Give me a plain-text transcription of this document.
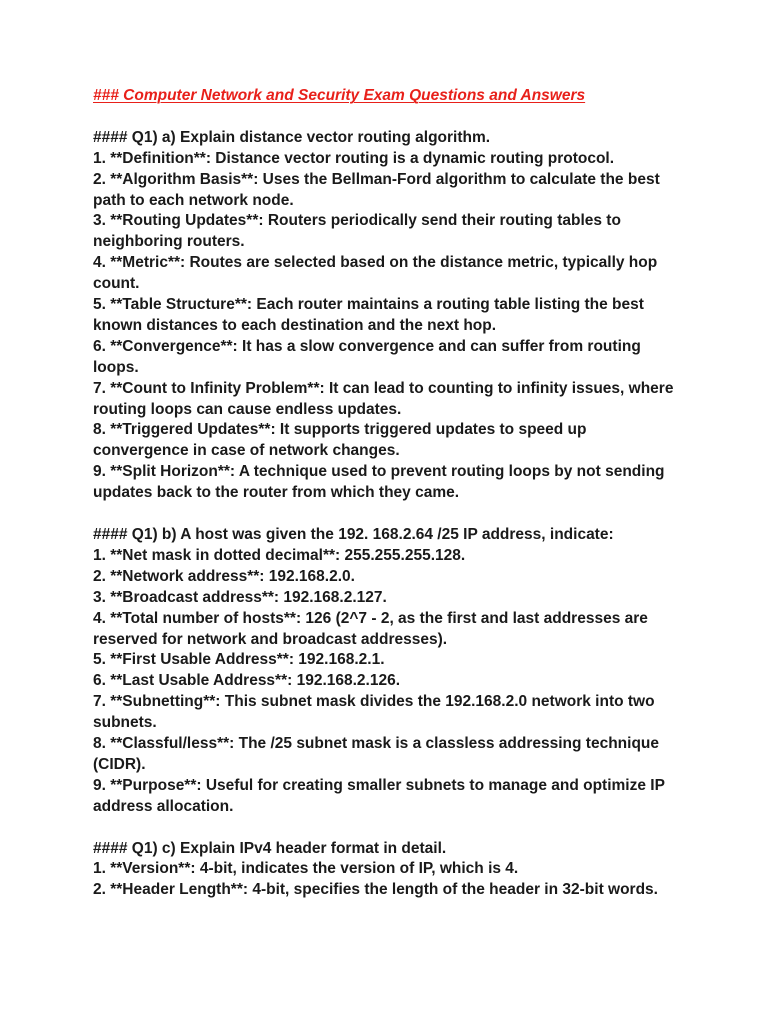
### Computer Network and Security Exam Questions and Answers

#### Q1) a) Explain distance vector routing algorithm.

1. **Definition**: Distance vector routing is a dynamic routing protocol.

2. **Algorithm Basis**: Uses the Bellman-Ford algorithm to calculate the best path to each network node.

3. **Routing Updates**: Routers periodically send their routing tables to neighboring routers.

4. **Metric**: Routes are selected based on the distance metric, typically hop count.

5. **Table Structure**: Each router maintains a routing table listing the best known distances to each destination and the next hop.

6. **Convergence**: It has a slow convergence and can suffer from routing loops.

7. **Count to Infinity Problem**: It can lead to counting to infinity issues, where routing loops can cause endless updates.

8. **Triggered Updates**: It supports triggered updates to speed up convergence in case of network changes.

9. **Split Horizon**: A technique used to prevent routing loops by not sending updates back to the router from which they came.

#### Q1) b) A host was given the 192. 168.2.64 /25 IP address, indicate:

1. **Net mask in dotted decimal**: 255.255.255.128.

2. **Network address**: 192.168.2.0.

3. **Broadcast address**: 192.168.2.127.

4. **Total number of hosts**: 126 (2^7 - 2, as the first and last addresses are reserved for network and broadcast addresses).

5. **First Usable Address**: 192.168.2.1.

6. **Last Usable Address**: 192.168.2.126.

7. **Subnetting**: This subnet mask divides the 192.168.2.0 network into two subnets.

8. **Classful/less**: The /25 subnet mask is a classless addressing technique (CIDR).

9. **Purpose**: Useful for creating smaller subnets to manage and optimize IP address allocation.

#### Q1) c) Explain IPv4 header format in detail.

1. **Version**: 4-bit, indicates the version of IP, which is 4.

2. **Header Length**: 4-bit, specifies the length of the header in 32-bit words.
